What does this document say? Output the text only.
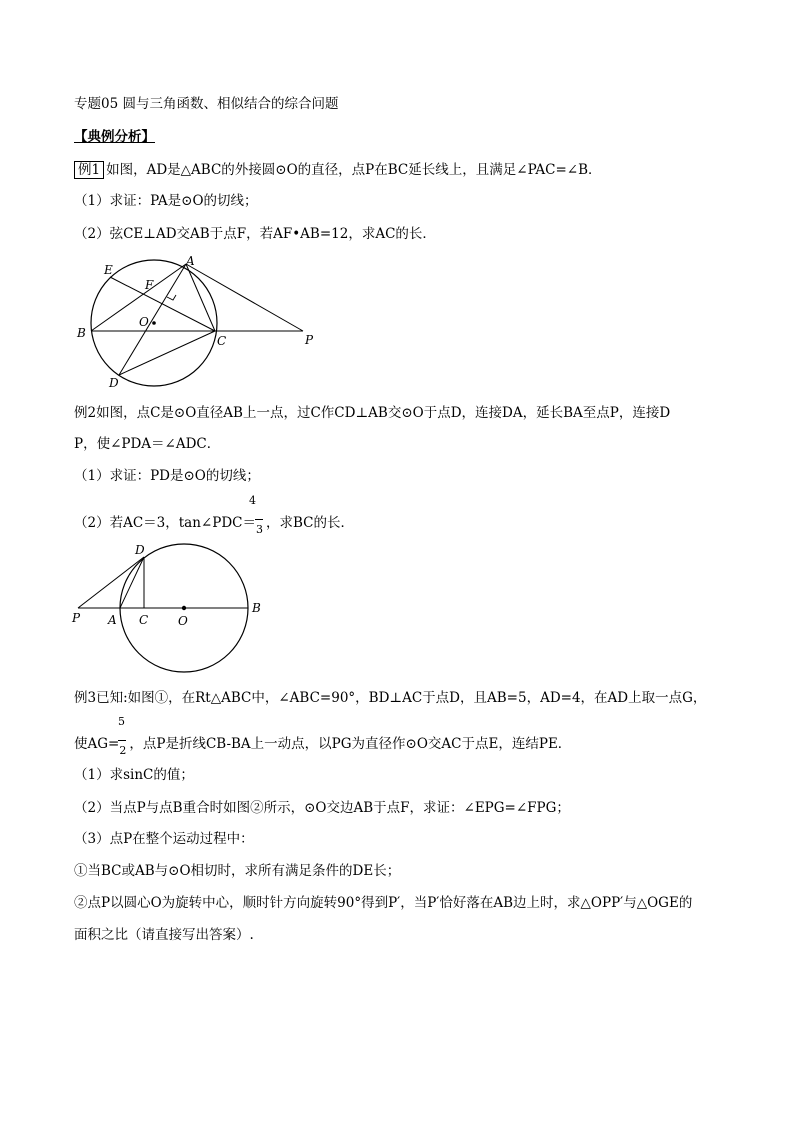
专题05 圆与三角函数、相似结合的综合问题
【典例分析】
例1 如图，AD是△ABC的外接圆⊙O的直径，点P在BC延长线上，且满足∠PAC=∠B．
（1）求证：PA是⊙O的切线；
（2）弦CE⊥AD交AB于点F，若AF•AB=12，求AC的长．
E
A
F
O
B
C	P
D
例2如图，点C是⊙O直径AB上一点，过C作CD⊥AB交⊙O于点D，连接DA，延长BA至点P，连接D
P，使∠PDA＝∠ADC．
（1）求证：PD是⊙O的切线；
4
（2）若AC＝3，tan∠PDC＝ 3 ，求BC的长．
D
P A C O
B
例3已知:如图①，在Rt△ABC中，∠ABC=90°，BD⊥AC于点D，且AB=5，AD=4，在AD上取一点G，
5
使AG= 2 ，点P是折线CB-BA上一动点，以PG为直径作⊙O交AC于点E，连结PE．
（1）求sinC的值；
（2）当点P与点B重合时如图②所示，⊙O交边AB于点F，求证：∠EPG=∠FPG；
（3）点P在整个运动过程中：
①当BC或AB与⊙O相切时，求所有满足条件的DE长；
②点P以圆心O为旋转中心，顺时针方向旋转90°得到P′，当P′恰好落在AB边上时，求△OPP′与△OGE的
面积之比（请直接写出答案）.
